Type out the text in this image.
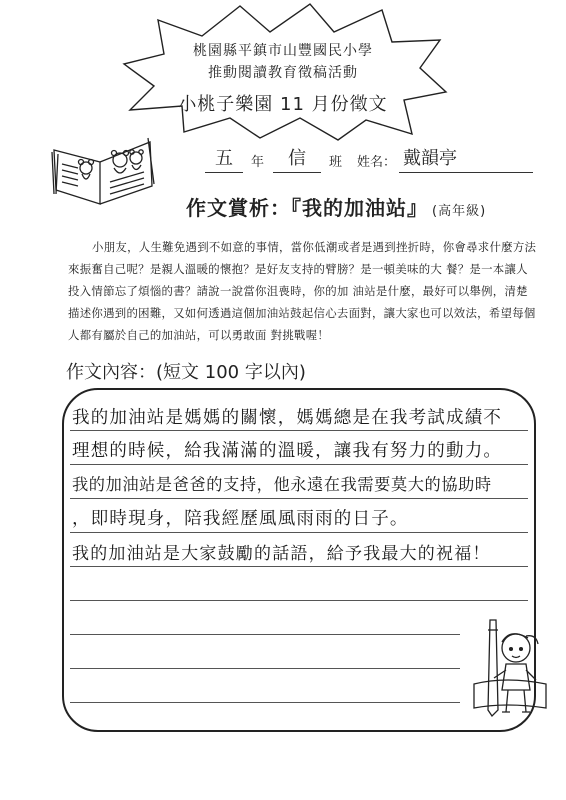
桃園縣平鎮市山豐國民小學
推動閱讀教育徵稿活動
小桃子樂園 11 月份徵文
五	年	信	班 姓名： 戴韻亭
作文賞析：『我的加油站』 (高年級)
小朋友，人生難免遇到不如意的事情，當你低潮或者是遇到挫折時，你會尋求什麼方法來振奮自己呢？是親人溫暖的懷抱？是好友支持的臂膀？是一頓美味的大 餐？是一本讓人投入情節忘了煩惱的書？請說一說當你沮喪時，你的加 油站是什麼，最好可以舉例，清楚描述你遇到的困難，又如何透過這個加油站鼓起信心去面對，讓大家也可以效法，希望每個人都有屬於自己的加油站，可以勇敢面 對挑戰喔！
作文內容：(短文 100 字以內)
我的加油站是媽媽的關懷，媽媽總是在我考試成績不
理想的時候，給我滿滿的溫暖，讓我有努力的動力。
我的加油站是爸爸的支持，他永遠在我需要莫大的協助時
，即時現身，陪我經歷風風雨雨的日子。
我的加油站是大家鼓勵的話語，給予我最大的祝福！
